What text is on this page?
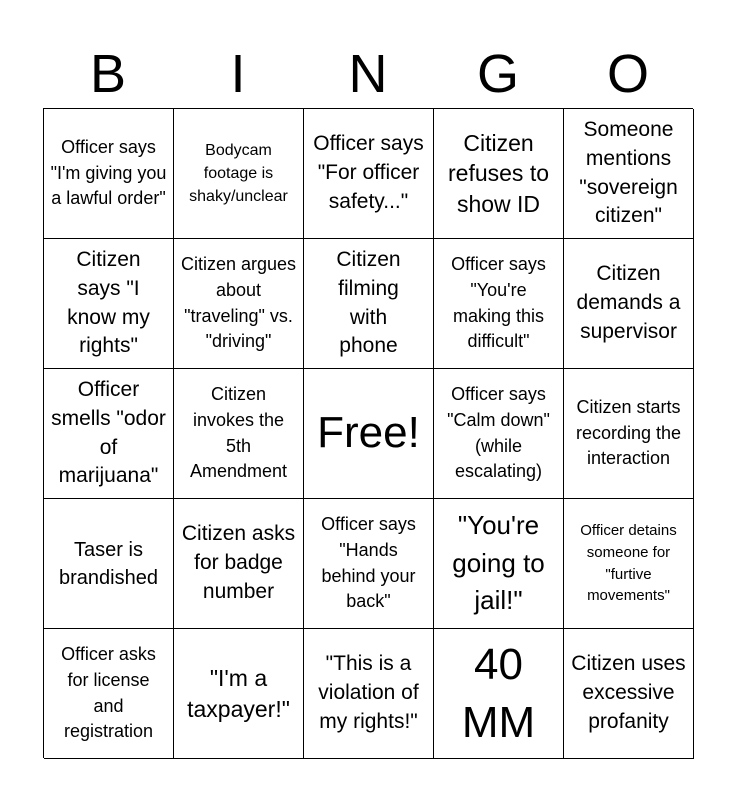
B	I	N	G	O
Officer says "I'm giving you a lawful order"
Bodycam footage is shaky/unclear
Officer says "For officer safety..."
Citizen refuses to show ID
Someone mentions "sovereign citizen"
Citizen says "I know my rights"
Citizen argues about "traveling" vs. "driving"
Citizen filming with phone
Officer says "You're making this difficult"
Citizen demands a supervisor
Officer smells "odor of marijuana"
Citizen invokes the 5th Amendment
Free!
Officer says "Calm down" (while escalating)
Citizen starts recording the interaction
Taser is brandished
Citizen asks for badge number
Officer says "Hands behind your back"
"You're going to jail!"
Officer detains someone for "furtive movements"
Officer asks for license and registration
"I'm a taxpayer!"
"This is a violation of my rights!"
40 MM
Citizen uses excessive profanity
